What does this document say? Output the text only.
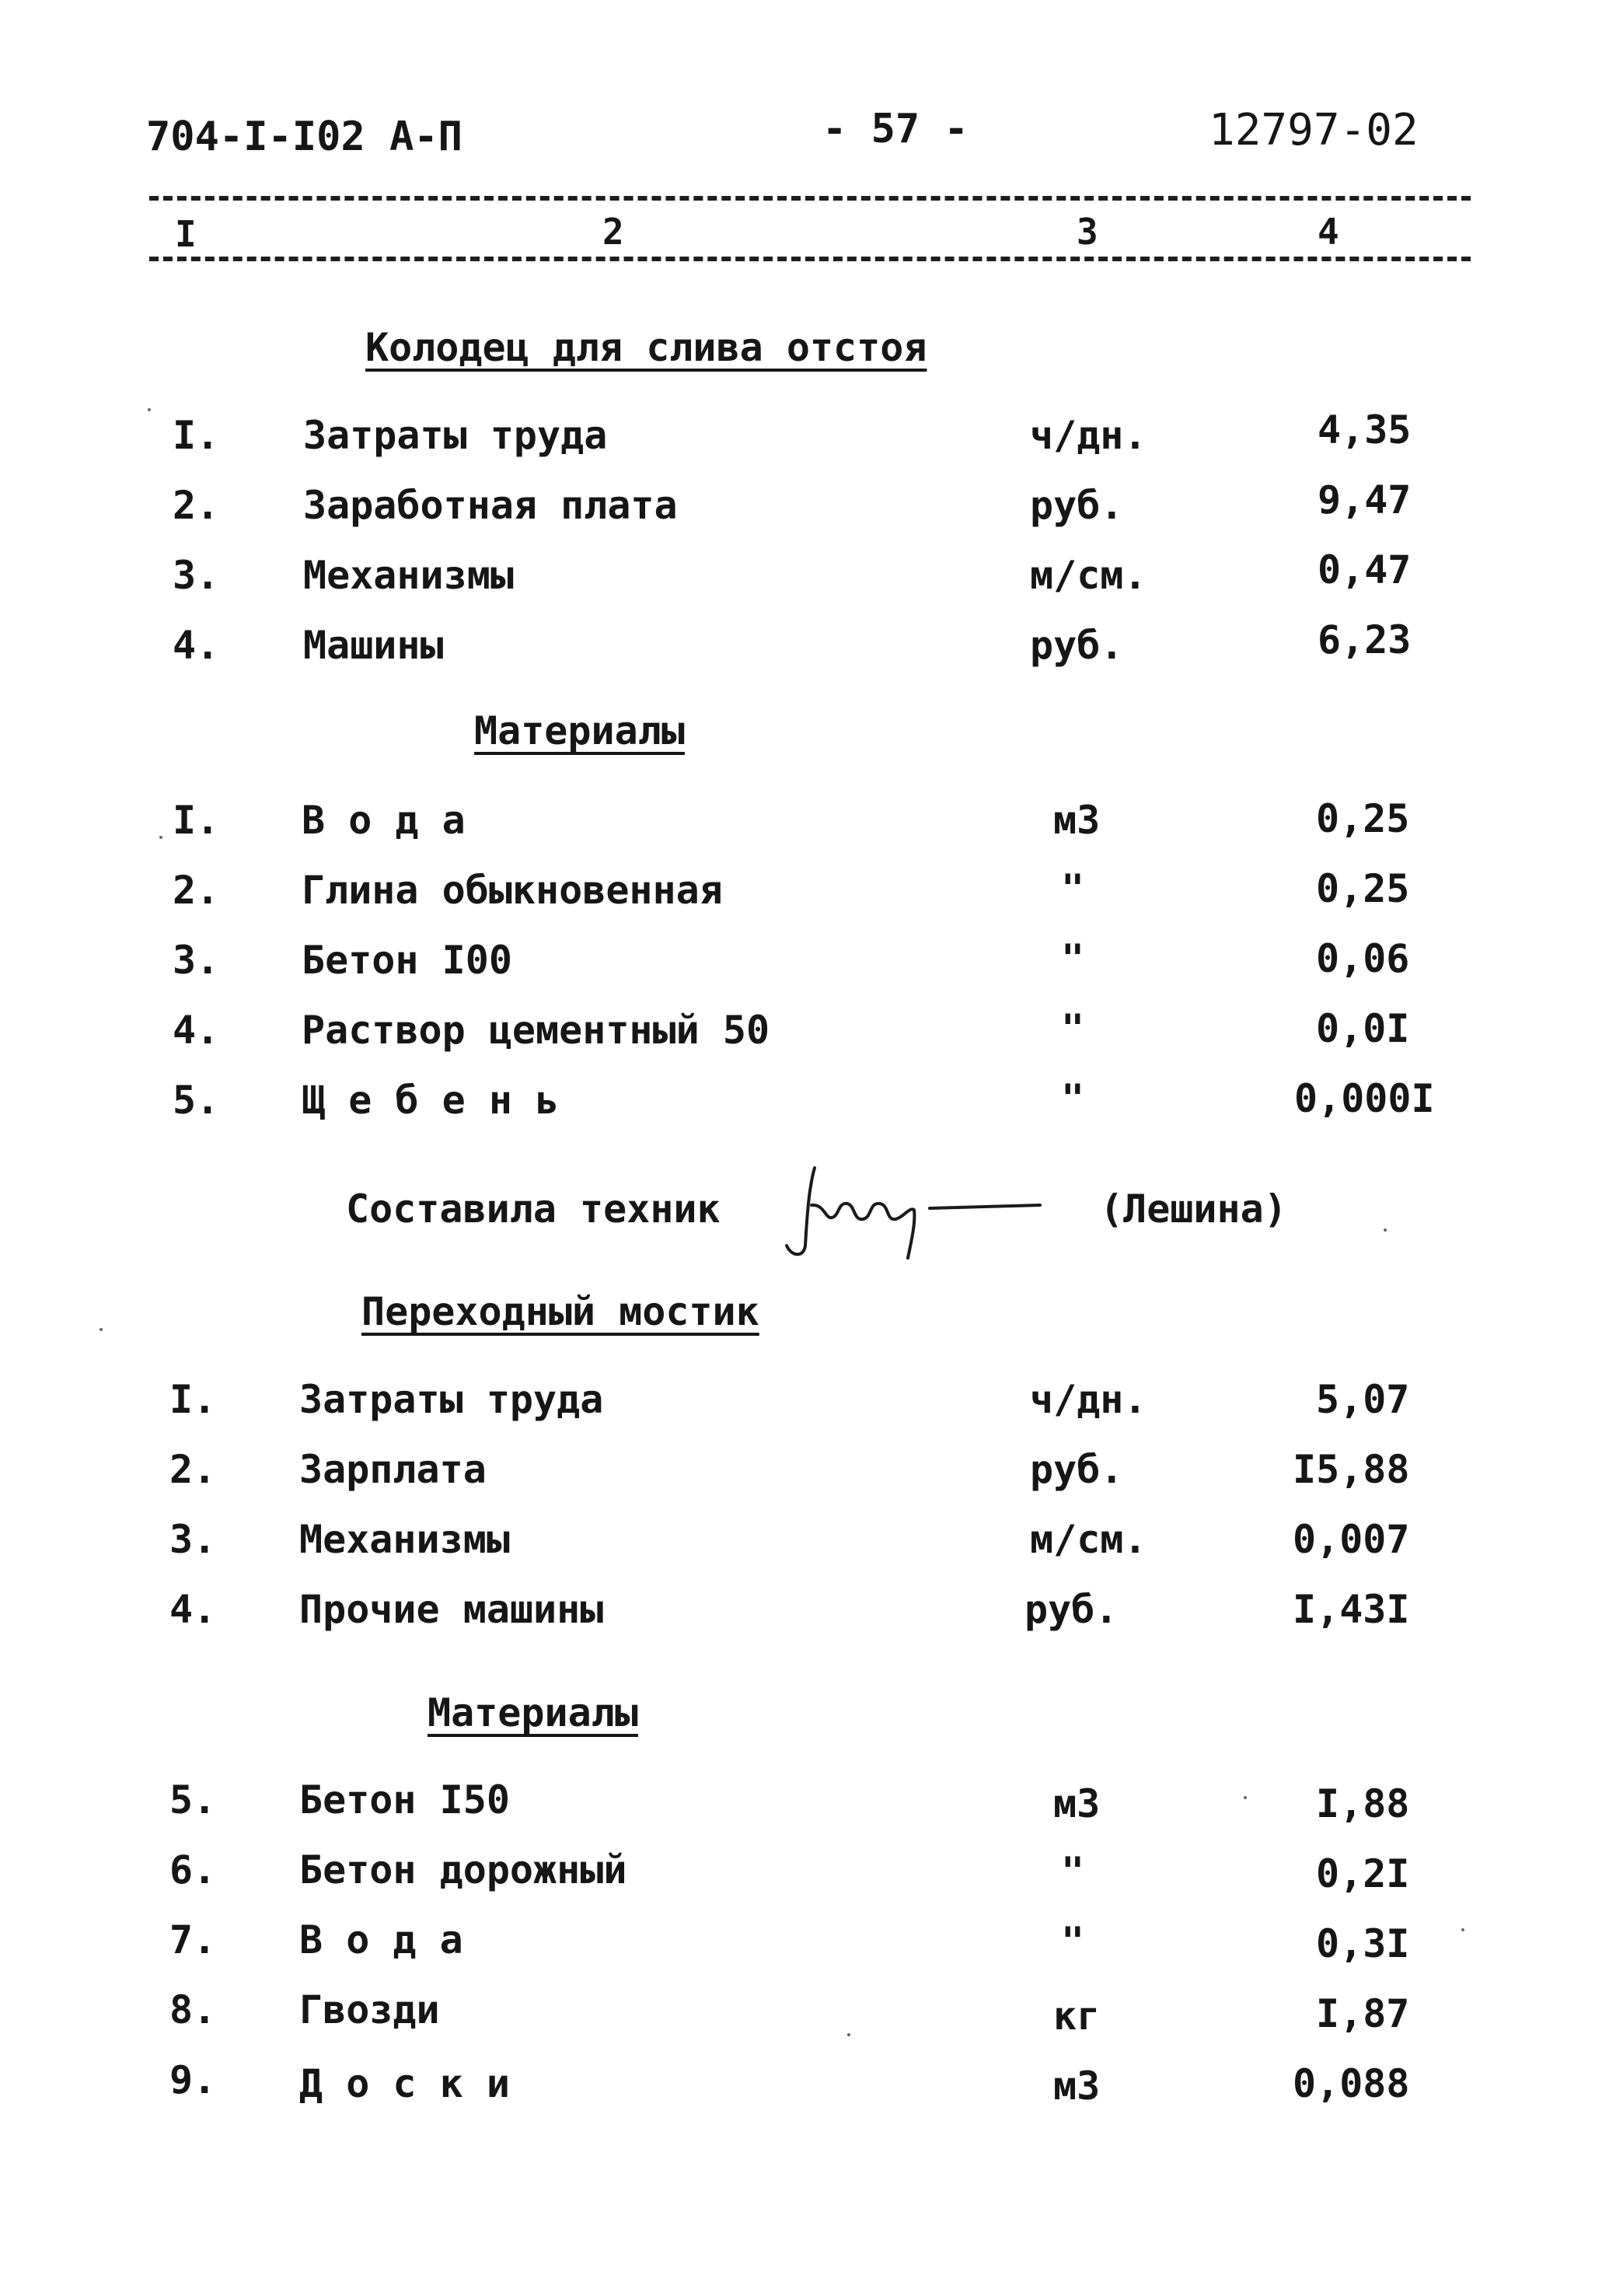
704-I-I02 А-П	- 57 -	12797-02
I	2	3	4
Колодец для слива отстоя
I. Затраты труда	ч/дн.	4,35
2. Заработная плата	руб.	9,47
3. Механизмы	м/см.	0,47
4. Машины	руб.	6,23
Материалы
I. В о д а	м3	0,25
2. Глина обыкновенная	"	0,25
3. Бетон I00	"	0,06
4. Раствор цементный 50	"	0,0I
5. Щ е б е н ь	"	0,000I
Составила техник	(Лешина)
Переходный мостик
I. Затраты труда	ч/дн.	5,07
2. Зарплата	руб.	I5,88
3. Механизмы	м/см.	0,007
4. Прочие машины	руб.	I,43I
Материалы
5. Бетон I50	м3	I,88
6. Бетон дорожный	"	0,2I
7. В о д а	"	0,3I
8. Гвозди	кг	I,87
9. Д о с к и	м3	0,088
